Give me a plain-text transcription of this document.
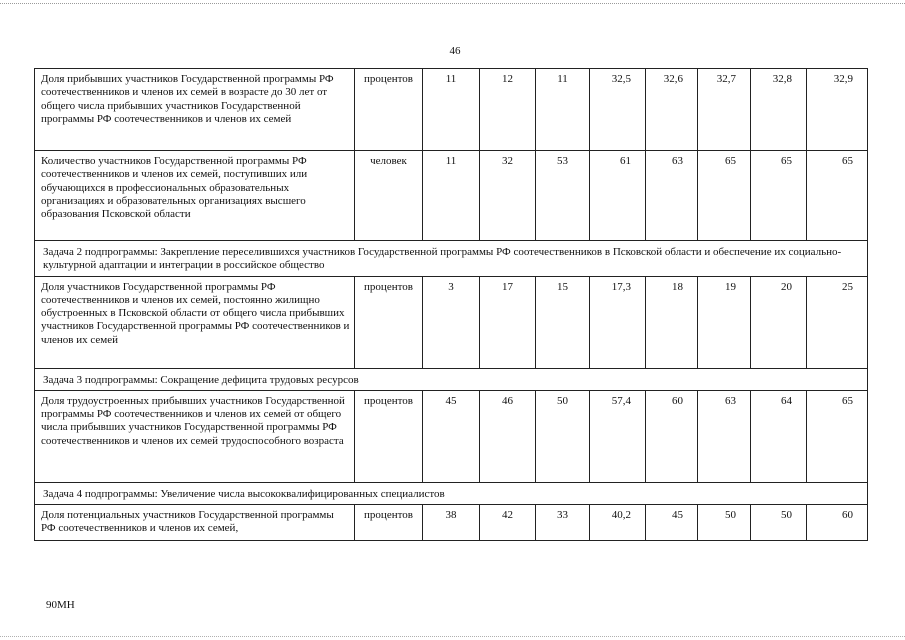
46
Доля прибывших участников Государственной программы РФ соотечественников и членов их семей в возрасте до 30 лет от общего числа прибывших участников Государственной программы РФ соотечественников и членов их семей	процентов	11	12	11	32,5	32,6	32,7	32,8	32,9
Количество участников Государственной программы РФ соотечественников и членов их семей, поступивших или обучающихся в профессиональных образовательных организациях и образовательных организациях высшего образования Псковской области	человек	11	32	53	61	63	65	65	65
Задача 2 подпрограммы: Закрепление переселившихся участников Государственной программы РФ соотечественников в Псковской области и обеспечение их социально-культурной адаптации и интеграции в российское общество									
Доля участников Государственной программы РФ соотечественников и членов их семей, постоянно жилищно обустроенных в Псковской области от общего числа прибывших участников Государственной программы РФ соотечественников и членов их семей	процентов	3	17	15	17,3	18	19	20	25
Задача 3 подпрограммы: Сокращение дефицита трудовых ресурсов									
Доля трудоустроенных прибывших участников Государственной программы РФ соотечественников и членов их семей от общего числа прибывших участников Государственной программы РФ соотечественников и членов их семей трудоспособного возраста	процентов	45	46	50	57,4	60	63	64	65
Задача 4 подпрограммы: Увеличение числа высококвалифицированных специалистов									
Доля потенциальных участников Государственной программы РФ соотечественников и членов их семей,	процентов	38	42	33	40,2	45	50	50	60
90МН
